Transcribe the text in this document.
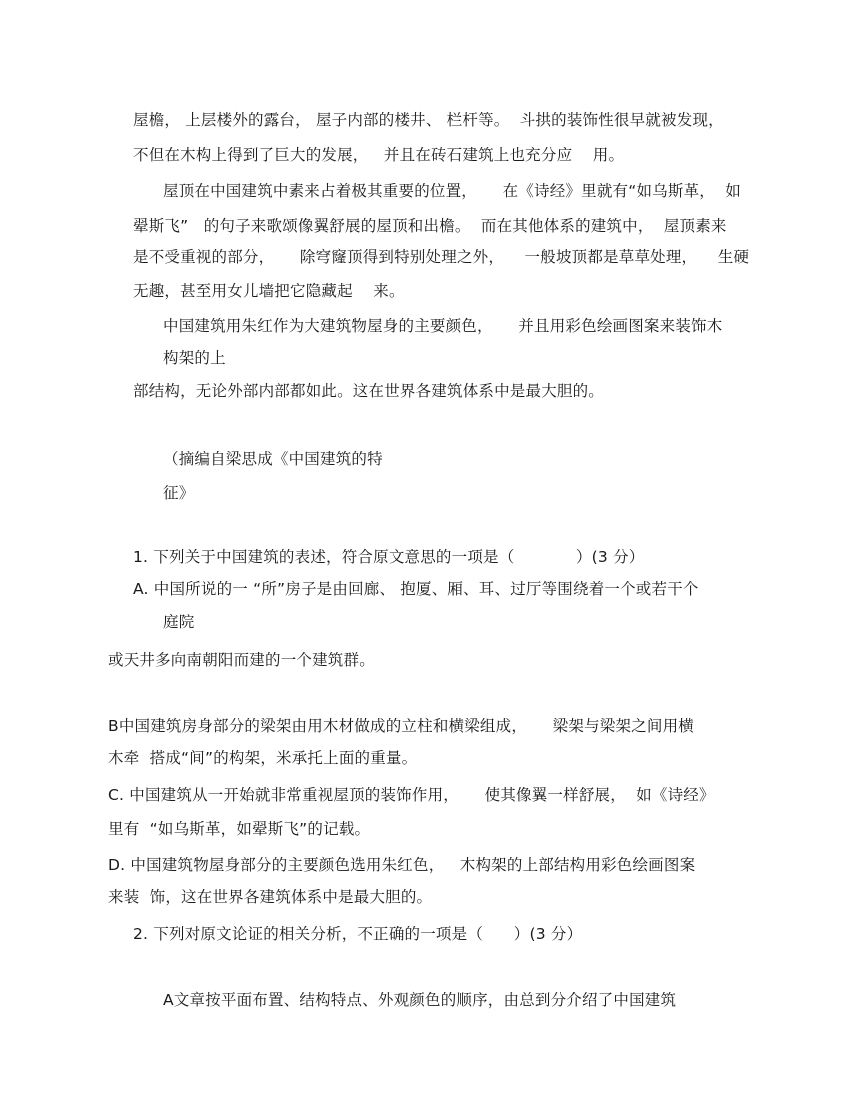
屋檐， 上层楼外的露台， 屋子内部的楼井、 栏杆等。  斗拱的装饰性很早就被发现，
不但在木构上得到了巨大的发展，   并且在砖石建筑上也充分应    用。
屋顶在中国建筑中素来占着极其重要的位置，     在《诗经》里就有“如乌斯革，  如
翚斯飞”   的句子来歌颂像翼舒展的屋顶和出檐。  而在其他体系的建筑中，  屋顶素来
是不受重视的部分，     除穹窿顶得到特别处理之外，    一般坡顶都是草草处理，    生硬
无趣，甚至用女儿墙把它隐藏起    来。
中国建筑用朱红作为大建筑物屋身的主要颜色，     并且用彩色绘画图案来装饰木
构架的上
部结构，无论外部内部都如此。这在世界各建筑体系中是最大胆的。
（摘编自梁思成《中国建筑的特
征》
1. 下列关于中国建筑的表述，符合原文意思的一项是（            ）(3 分）
A. 中国所说的一 “所”房子是由回廊、 抱厦、厢、耳、过厅等围绕着一个或若干个
庭院
或天井多向南朝阳而建的一个建筑群。
B中国建筑房身部分的梁架由用木材做成的立柱和横梁组成，     梁架与梁架之间用横
木牵  搭成“间”的构架，米承托上面的重量。
C. 中国建筑从一开始就非常重视屋顶的装饰作用，     使其像翼一样舒展，  如《诗经》
里有  “如乌斯革，如翚斯飞”的记载。
D. 中国建筑物屋身部分的主要颜色选用朱红色，   木构架的上部结构用彩色绘画图案
来装  饰，这在世界各建筑体系中是最大胆的。
2. 下列对原文论证的相关分析，不正确的一项是（      ）(3 分）
A文章按平面布置、结构特点、外观颜色的顺序，由总到分介绍了中国建筑
